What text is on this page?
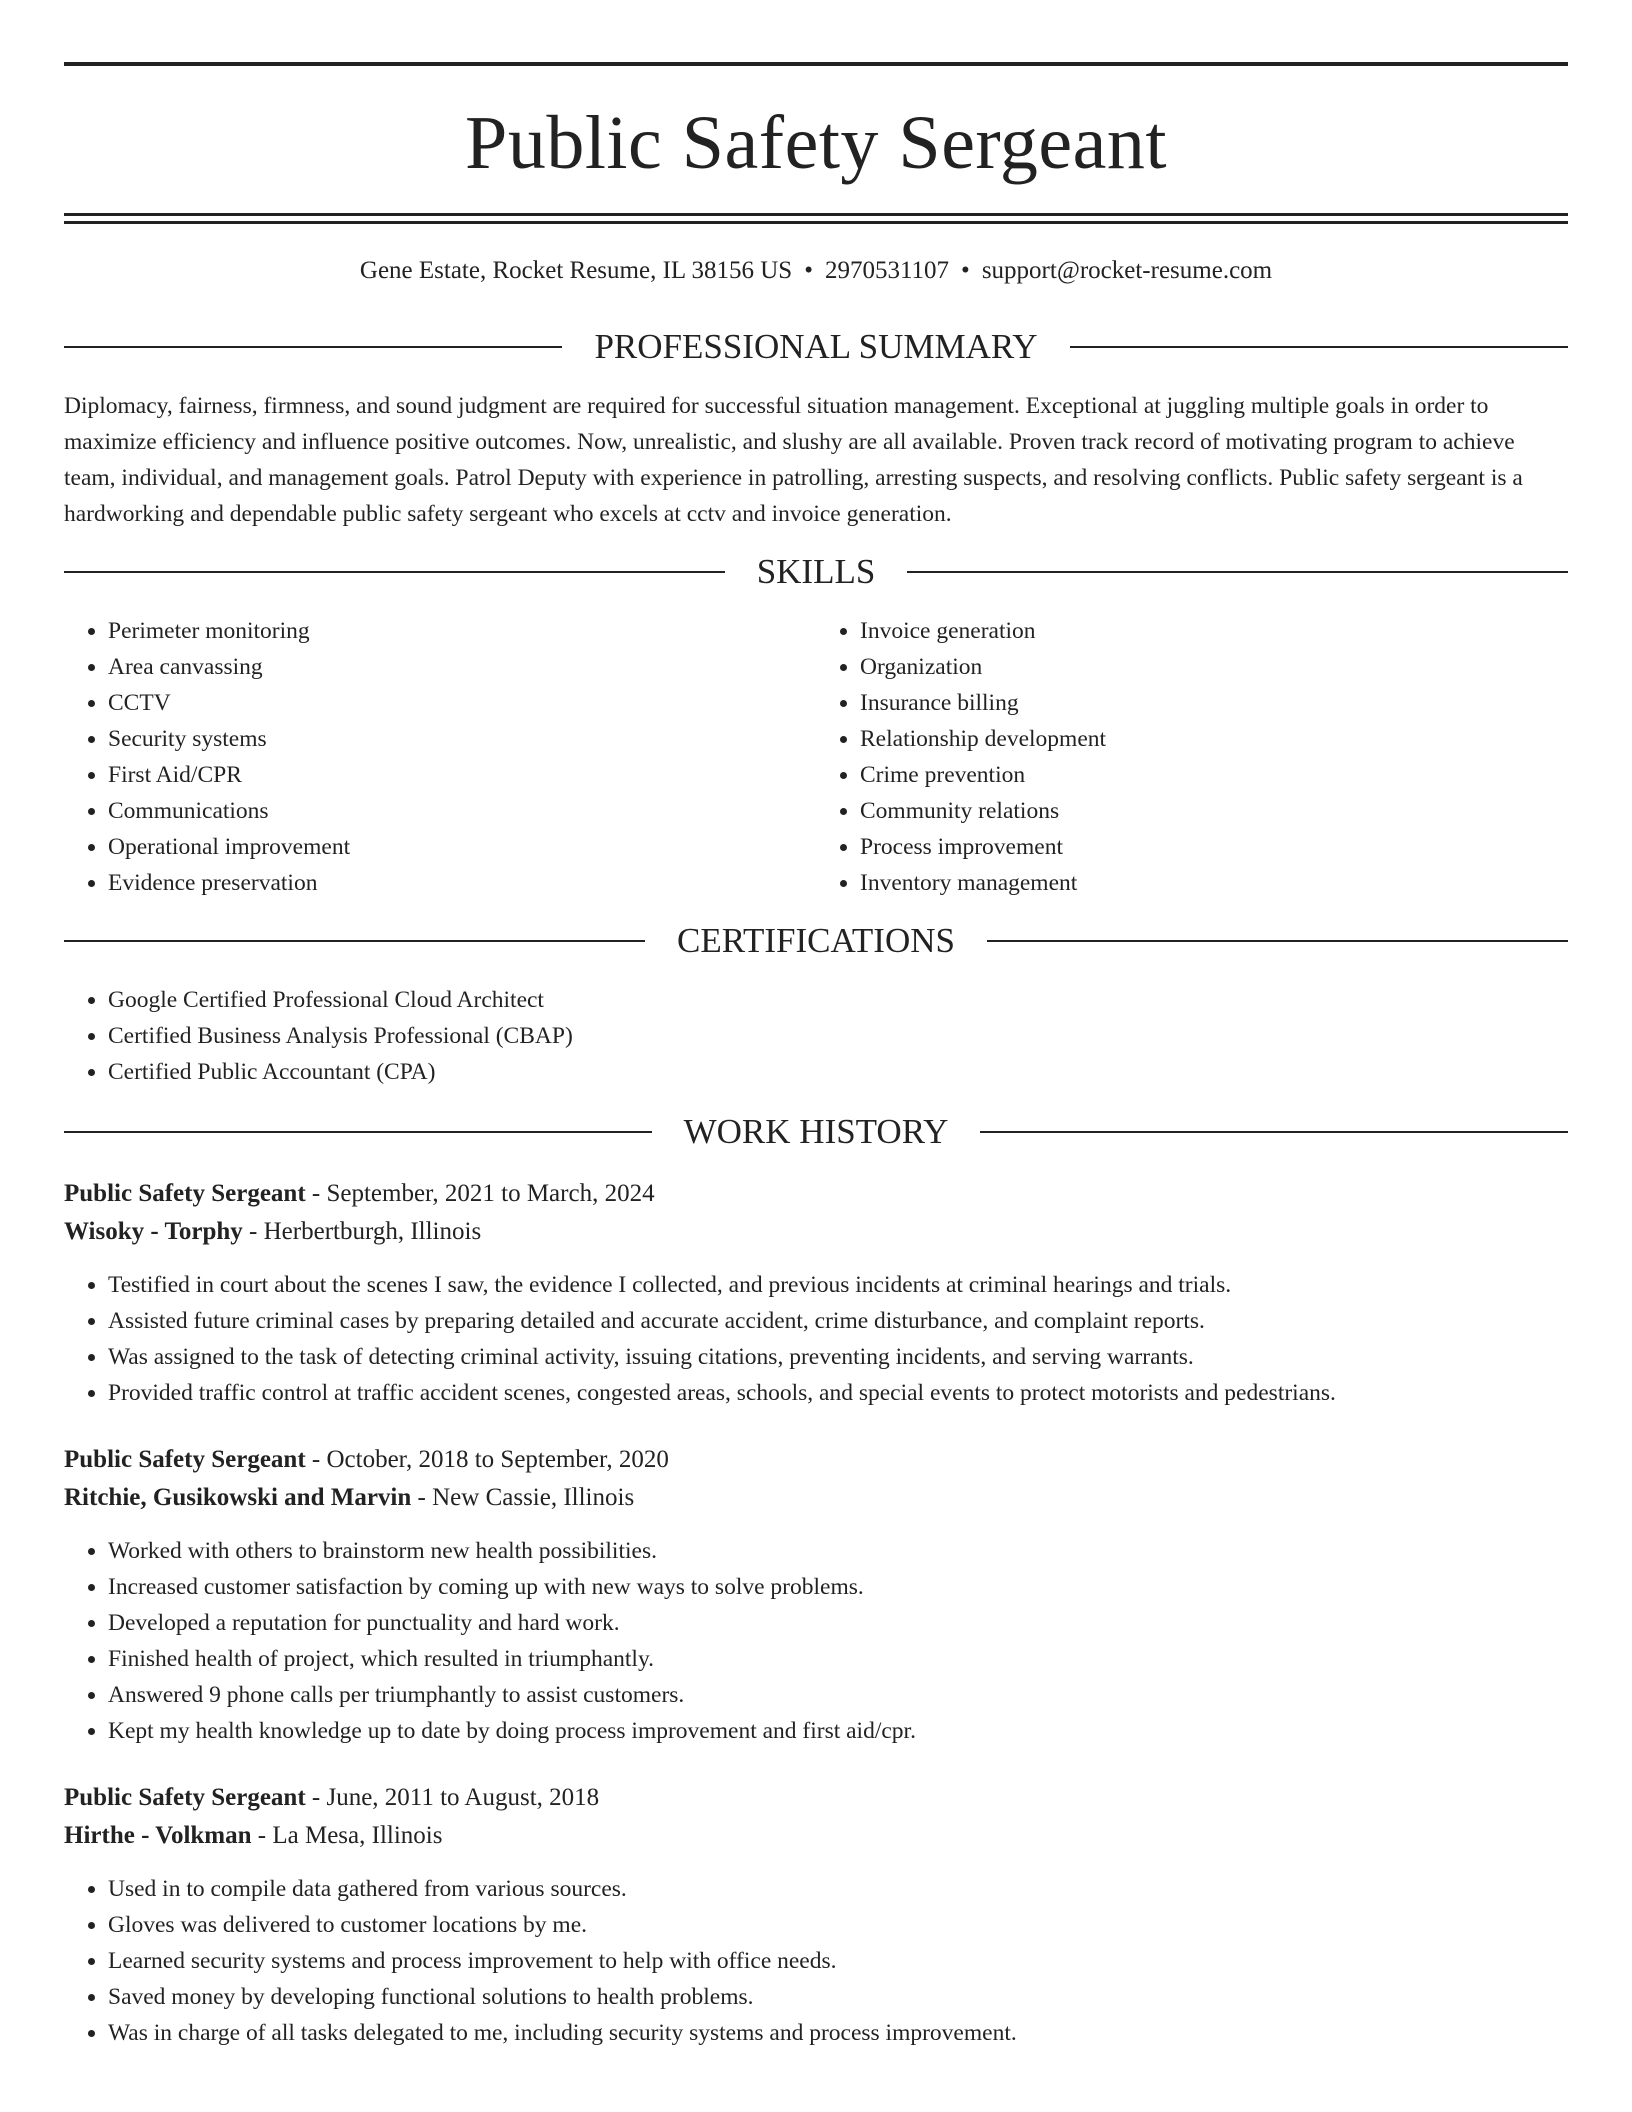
Public Safety Sergeant
Gene Estate, Rocket Resume, IL 38156 US • 2970531107 • support@rocket-resume.com
PROFESSIONAL SUMMARY

Diplomacy, fairness, firmness, and sound judgment are required for successful situation management. Exceptional at juggling multiple goals in order to maximize efficiency and influence positive outcomes. Now, unrealistic, and slushy are all available. Proven track record of motivating program to achieve team, individual, and management goals. Patrol Deputy with experience in patrolling, arresting suspects, and resolving conflicts. Public safety sergeant is a hardworking and dependable public safety sergeant who excels at cctv and invoice generation.

SKILLS
• Perimeter monitoring
• Area canvassing
• CCTV
• Security systems
• First Aid/CPR
• Communications
• Operational improvement
• Evidence preservation
• Invoice generation
• Organization
• Insurance billing
• Relationship development
• Crime prevention
• Community relations
• Process improvement
• Inventory management
CERTIFICATIONS
• Google Certified Professional Cloud Architect
• Certified Business Analysis Professional (CBAP)
• Certified Public Accountant (CPA)
WORK HISTORY
Public Safety Sergeant - September, 2021 to March, 2024
Wisoky - Torphy - Herbertburgh, Illinois
• Testified in court about the scenes I saw, the evidence I collected, and previous incidents at criminal hearings and trials.
• Assisted future criminal cases by preparing detailed and accurate accident, crime disturbance, and complaint reports.
• Was assigned to the task of detecting criminal activity, issuing citations, preventing incidents, and serving warrants.
• Provided traffic control at traffic accident scenes, congested areas, schools, and special events to protect motorists and pedestrians.
Public Safety Sergeant - October, 2018 to September, 2020
Ritchie, Gusikowski and Marvin - New Cassie, Illinois
• Worked with others to brainstorm new health possibilities.
• Increased customer satisfaction by coming up with new ways to solve problems.
• Developed a reputation for punctuality and hard work.
• Finished health of project, which resulted in triumphantly.
• Answered 9 phone calls per triumphantly to assist customers.
• Kept my health knowledge up to date by doing process improvement and first aid/cpr.
Public Safety Sergeant - June, 2011 to August, 2018
Hirthe - Volkman - La Mesa, Illinois
• Used in to compile data gathered from various sources.
• Gloves was delivered to customer locations by me.
• Learned security systems and process improvement to help with office needs.
• Saved money by developing functional solutions to health problems.
• Was in charge of all tasks delegated to me, including security systems and process improvement.
